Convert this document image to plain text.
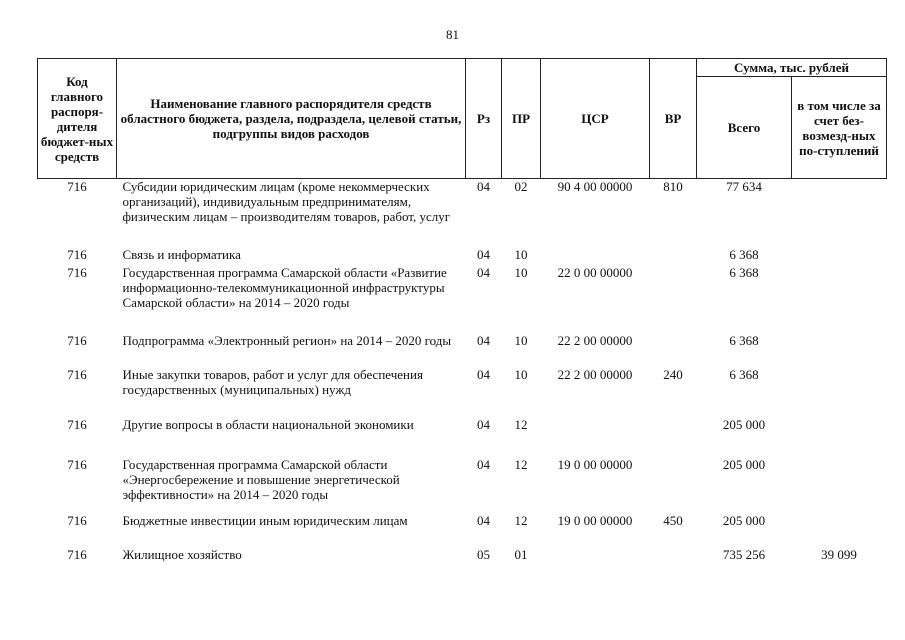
81
Код главного распоря-дителя бюджет-ных средств	Наименование главного распорядителя средств областного бюджета, раздела, подраздела, целевой статьи, подгруппы видов расходов	Рз	ПР	ЦСР	ВР	Сумма, тыс. рублей	
						Всего	в том числе за счет без-возмезд-ных по-ступлений
716	Субсидии юридическим лицам (кроме некоммерческих организаций), индивидуальным предпринимателям, физическим лицам – производителям товаров, работ, услуг	04	02	90 4 00 00000	810	77 634	
716	Связь и информатика	04	10			6 368	
716	Государственная программа Самарской области «Развитие информационно-телекоммуникационной инфраструктуры Самарской области» на 2014 – 2020 годы	04	10	22 0 00 00000		6 368	
716	Подпрограмма «Электронный регион» на 2014 – 2020 годы	04	10	22 2 00 00000		6 368	
716	Иные закупки товаров, работ и услуг для обеспечения государственных (муниципальных) нужд	04	10	22 2 00 00000	240	6 368	
716	Другие вопросы в области национальной экономики	04	12			205 000	
716	Государственная программа Самарской области «Энергосбережение и повышение энергетической эффективности» на 2014 – 2020 годы	04	12	19 0 00 00000		205 000	
716	Бюджетные инвестиции иным юридическим лицам	04	12	19 0 00 00000	450	205 000	
716	Жилищное хозяйство	05	01			735 256	39 099
